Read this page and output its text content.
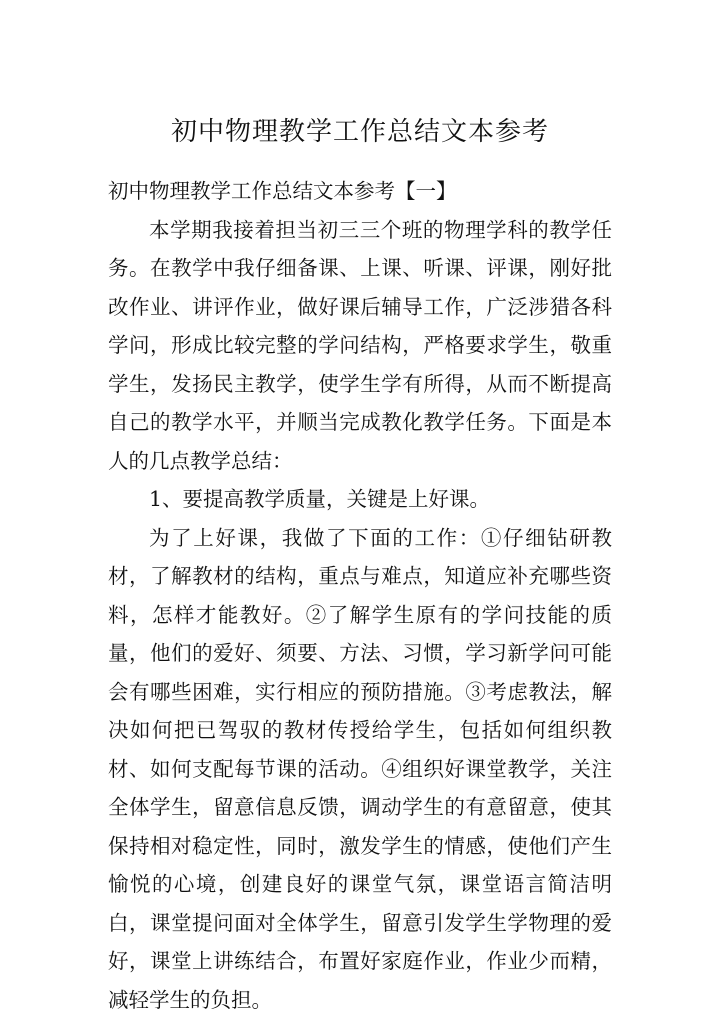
初中物理教学工作总结文本参考

初中物理教学工作总结文本参考【一】

本学期我接着担当初三三个班的物理学科的教学任务。在教学中我仔细备课、上课、听课、评课，刚好批改作业、讲评作业，做好课后辅导工作，广泛涉猎各科学问，形成比较完整的学问结构，严格要求学生，敬重学生，发扬民主教学，使学生学有所得，从而不断提高自己的教学水平，并顺当完成教化教学任务。下面是本人的几点教学总结：

1、要提高教学质量，关键是上好课。

为了上好课，我做了下面的工作：①仔细钻研教材，了解教材的结构，重点与难点，知道应补充哪些资料，怎样才能教好。②了解学生原有的学问技能的质量，他们的爱好、须要、方法、习惯，学习新学问可能会有哪些困难，实行相应的预防措施。③考虑教法，解决如何把已驾驭的教材传授给学生，包括如何组织教材、如何支配每节课的活动。④组织好课堂教学，关注全体学生，留意信息反馈，调动学生的有意留意，使其保持相对稳定性，同时，激发学生的情感，使他们产生愉悦的心境，创建良好的课堂气氛，课堂语言简洁明白，课堂提问面对全体学生，留意引发学生学物理的爱好，课堂上讲练结合，布置好家庭作业，作业少而精，减轻学生的负担。
